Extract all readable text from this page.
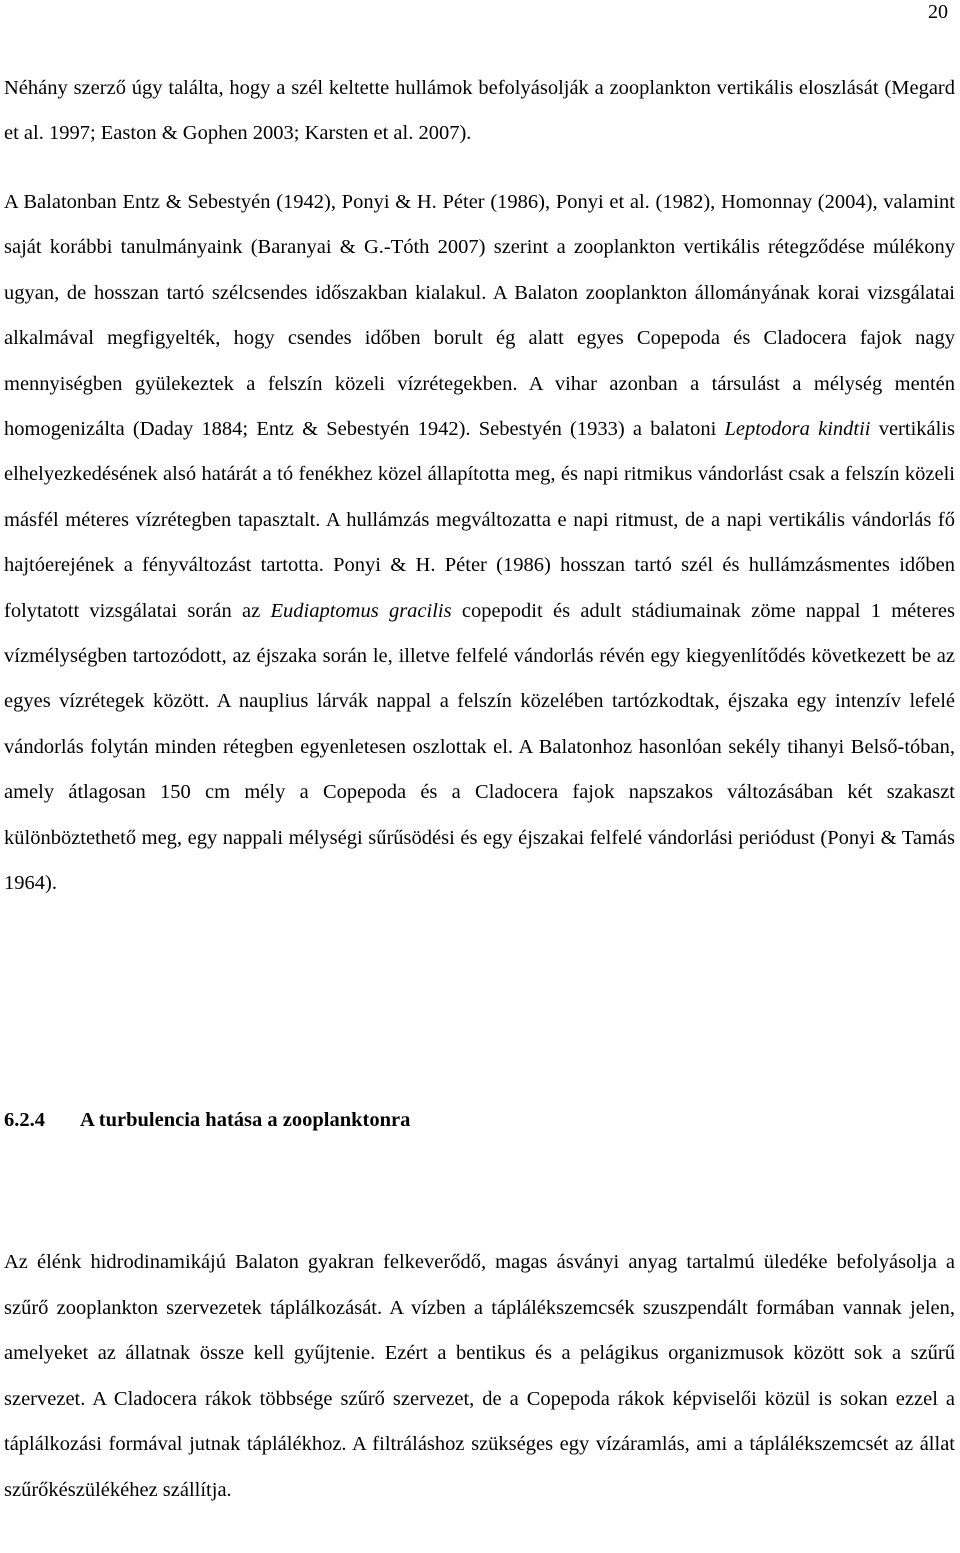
20

Néhány szerző úgy találta, hogy a szél keltette hullámok befolyásolják a zooplankton vertikális eloszlását (Megard et al. 1997; Easton & Gophen 2003; Karsten et al. 2007).

A Balatonban Entz & Sebestyén (1942), Ponyi & H. Péter (1986), Ponyi et al. (1982), Homonnay (2004), valamint saját korábbi tanulmányaink (Baranyai & G.-Tóth 2007) szerint a zooplankton vertikális rétegződése múlékony ugyan, de hosszan tartó szélcsendes időszakban kialakul. A Balaton zooplankton állományának korai vizsgálatai alkalmával megfigyelték, hogy csendes időben borult ég alatt egyes Copepoda és Cladocera fajok nagy mennyiségben gyülekeztek a felszín közeli vízrétegekben. A vihar azonban a társulást a mélység mentén homogenizálta (Daday 1884; Entz & Sebestyén 1942). Sebestyén (1933) a balatoni Leptodora kindtii vertikális elhelyezkedésének alsó határát a tó fenékhez közel állapította meg, és napi ritmikus vándorlást csak a felszín közeli másfél méteres vízrétegben tapasztalt. A hullámzás megváltozatta e napi ritmust, de a napi vertikális vándorlás fő hajtóerejének a fényváltozást tartotta. Ponyi & H. Péter (1986) hosszan tartó szél és hullámzásmentes időben folytatott vizsgálatai során az Eudiaptomus gracilis copepodit és adult stádiumainak zöme nappal 1 méteres vízmélységben tartozódott, az éjszaka során le, illetve felfelé vándorlás révén egy kiegyenlítődés következett be az egyes vízrétegek között. A nauplius lárvák nappal a felszín közelében tartózkodtak, éjszaka egy intenzív lefelé vándorlás folytán minden rétegben egyenletesen oszlottak el. A Balatonhoz hasonlóan sekély tihanyi Belső-tóban, amely átlagosan 150 cm mély a Copepoda és a Cladocera fajok napszakos változásában két szakaszt különböztethető meg, egy nappali mélységi sűrűsödési és egy éjszakai felfelé vándorlási periódust (Ponyi & Tamás 1964).

6.2.4 A turbulencia hatása a zooplanktonra

Az élénk hidrodinamikájú Balaton gyakran felkeverődő, magas ásványi anyag tartalmú üledéke befolyásolja a szűrő zooplankton szervezetek táplálkozását. A vízben a táplálékszemcsék szuszpendált formában vannak jelen, amelyeket az állatnak össze kell gyűjtenie. Ezért a bentikus és a pelágikus organizmusok között sok a szűrű szervezet. A Cladocera rákok többsége szűrő szervezet, de a Copepoda rákok képviselői közül is sokan ezzel a táplálkozási formával jutnak táplálékhoz. A filtráláshoz szükséges egy vízáramlás, ami a táplálékszemcsét az állat szűrőkészülékéhez szállítja.
